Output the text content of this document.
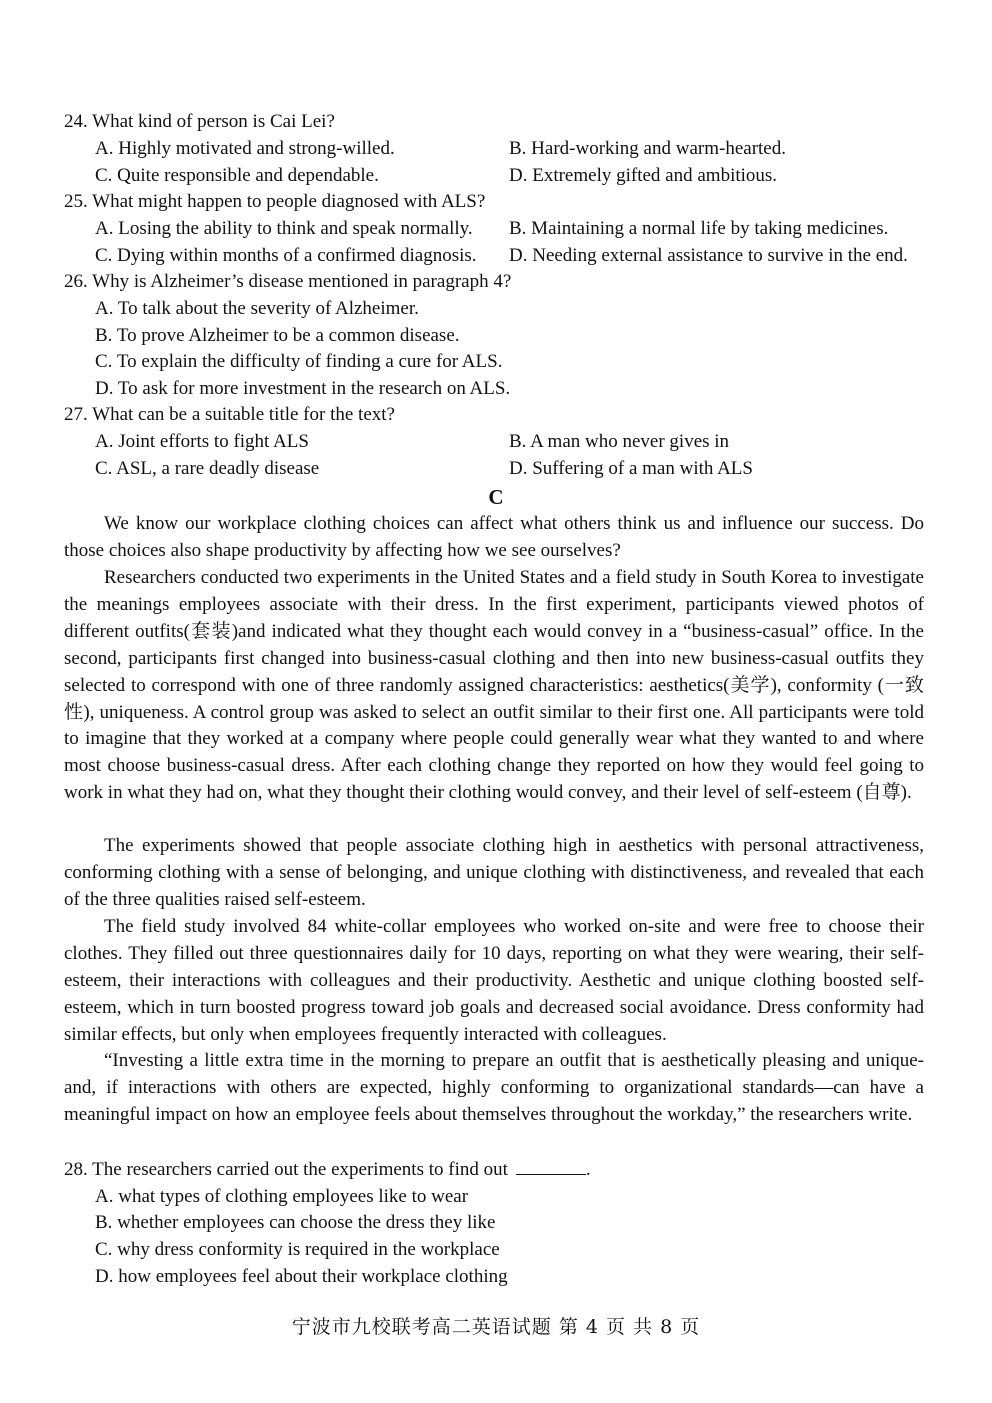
24. What kind of person is Cai Lei?
A. Highly motivated and strong-willed.	B. Hard-working and warm-hearted.
C. Quite responsible and dependable.	D. Extremely gifted and ambitious.
25. What might happen to people diagnosed with ALS?
A. Losing the ability to think and speak normally. B. Maintaining a normal life by taking medicines.
C. Dying within months of a confirmed diagnosis. D. Needing external assistance to survive in the end.
26. Why is Alzheimer’s disease mentioned in paragraph 4?
A. To talk about the severity of Alzheimer.
B. To prove Alzheimer to be a common disease.
C. To explain the difficulty of finding a cure for ALS.
D. To ask for more investment in the research on ALS.
27. What can be a suitable title for the text?
A. Joint efforts to fight ALS	B. A man who never gives in
C. ASL, a rare deadly disease	D. Suffering of a man with ALS
C
We know our workplace clothing choices can affect what others think us and influence our success. Do those choices also shape productivity by affecting how we see ourselves?
Researchers conducted two experiments in the United States and a field study in South Korea to investigate the meanings employees associate with their dress. In the first experiment, participants viewed photos of different outfits(套装)and indicated what they thought each would convey in a “business-casual” office. In the second, participants first changed into business-casual clothing and then into new business-casual outfits they selected to correspond with one of three randomly assigned characteristics: aesthetics(美学), conformity (一致性), uniqueness. A control group was asked to select an outfit similar to their first one. All participants were told to imagine that they worked at a company where people could generally wear what they wanted to and where most choose business-casual dress. After each clothing change they reported on how they would feel going to work in what they had on, what they thought their clothing would convey, and their level of self-esteem (自尊).
The experiments showed that people associate clothing high in aesthetics with personal attractiveness, conforming clothing with a sense of belonging, and unique clothing with distinctiveness, and revealed that each of the three qualities raised self-esteem.
The field study involved 84 white-collar employees who worked on-site and were free to choose their clothes. They filled out three questionnaires daily for 10 days, reporting on what they were wearing, their self-esteem, their interactions with colleagues and their productivity. Aesthetic and unique clothing boosted self-esteem, which in turn boosted progress toward job goals and decreased social avoidance. Dress conformity had similar effects, but only when employees frequently interacted with colleagues.
“Investing a little extra time in the morning to prepare an outfit that is aesthetically pleasing and unique-and, if interactions with others are expected, highly conforming to organizational standards—can have a meaningful impact on how an employee feels about themselves throughout the workday,” the researchers write.
28. The researchers carried out the experiments to find out	.
A. what types of clothing employees like to wear
B. whether employees can choose the dress they like
C. why dress conformity is required in the workplace
D. how employees feel about their workplace clothing
宁波市九校联考高二英语试题 第 4 页 共 8 页
